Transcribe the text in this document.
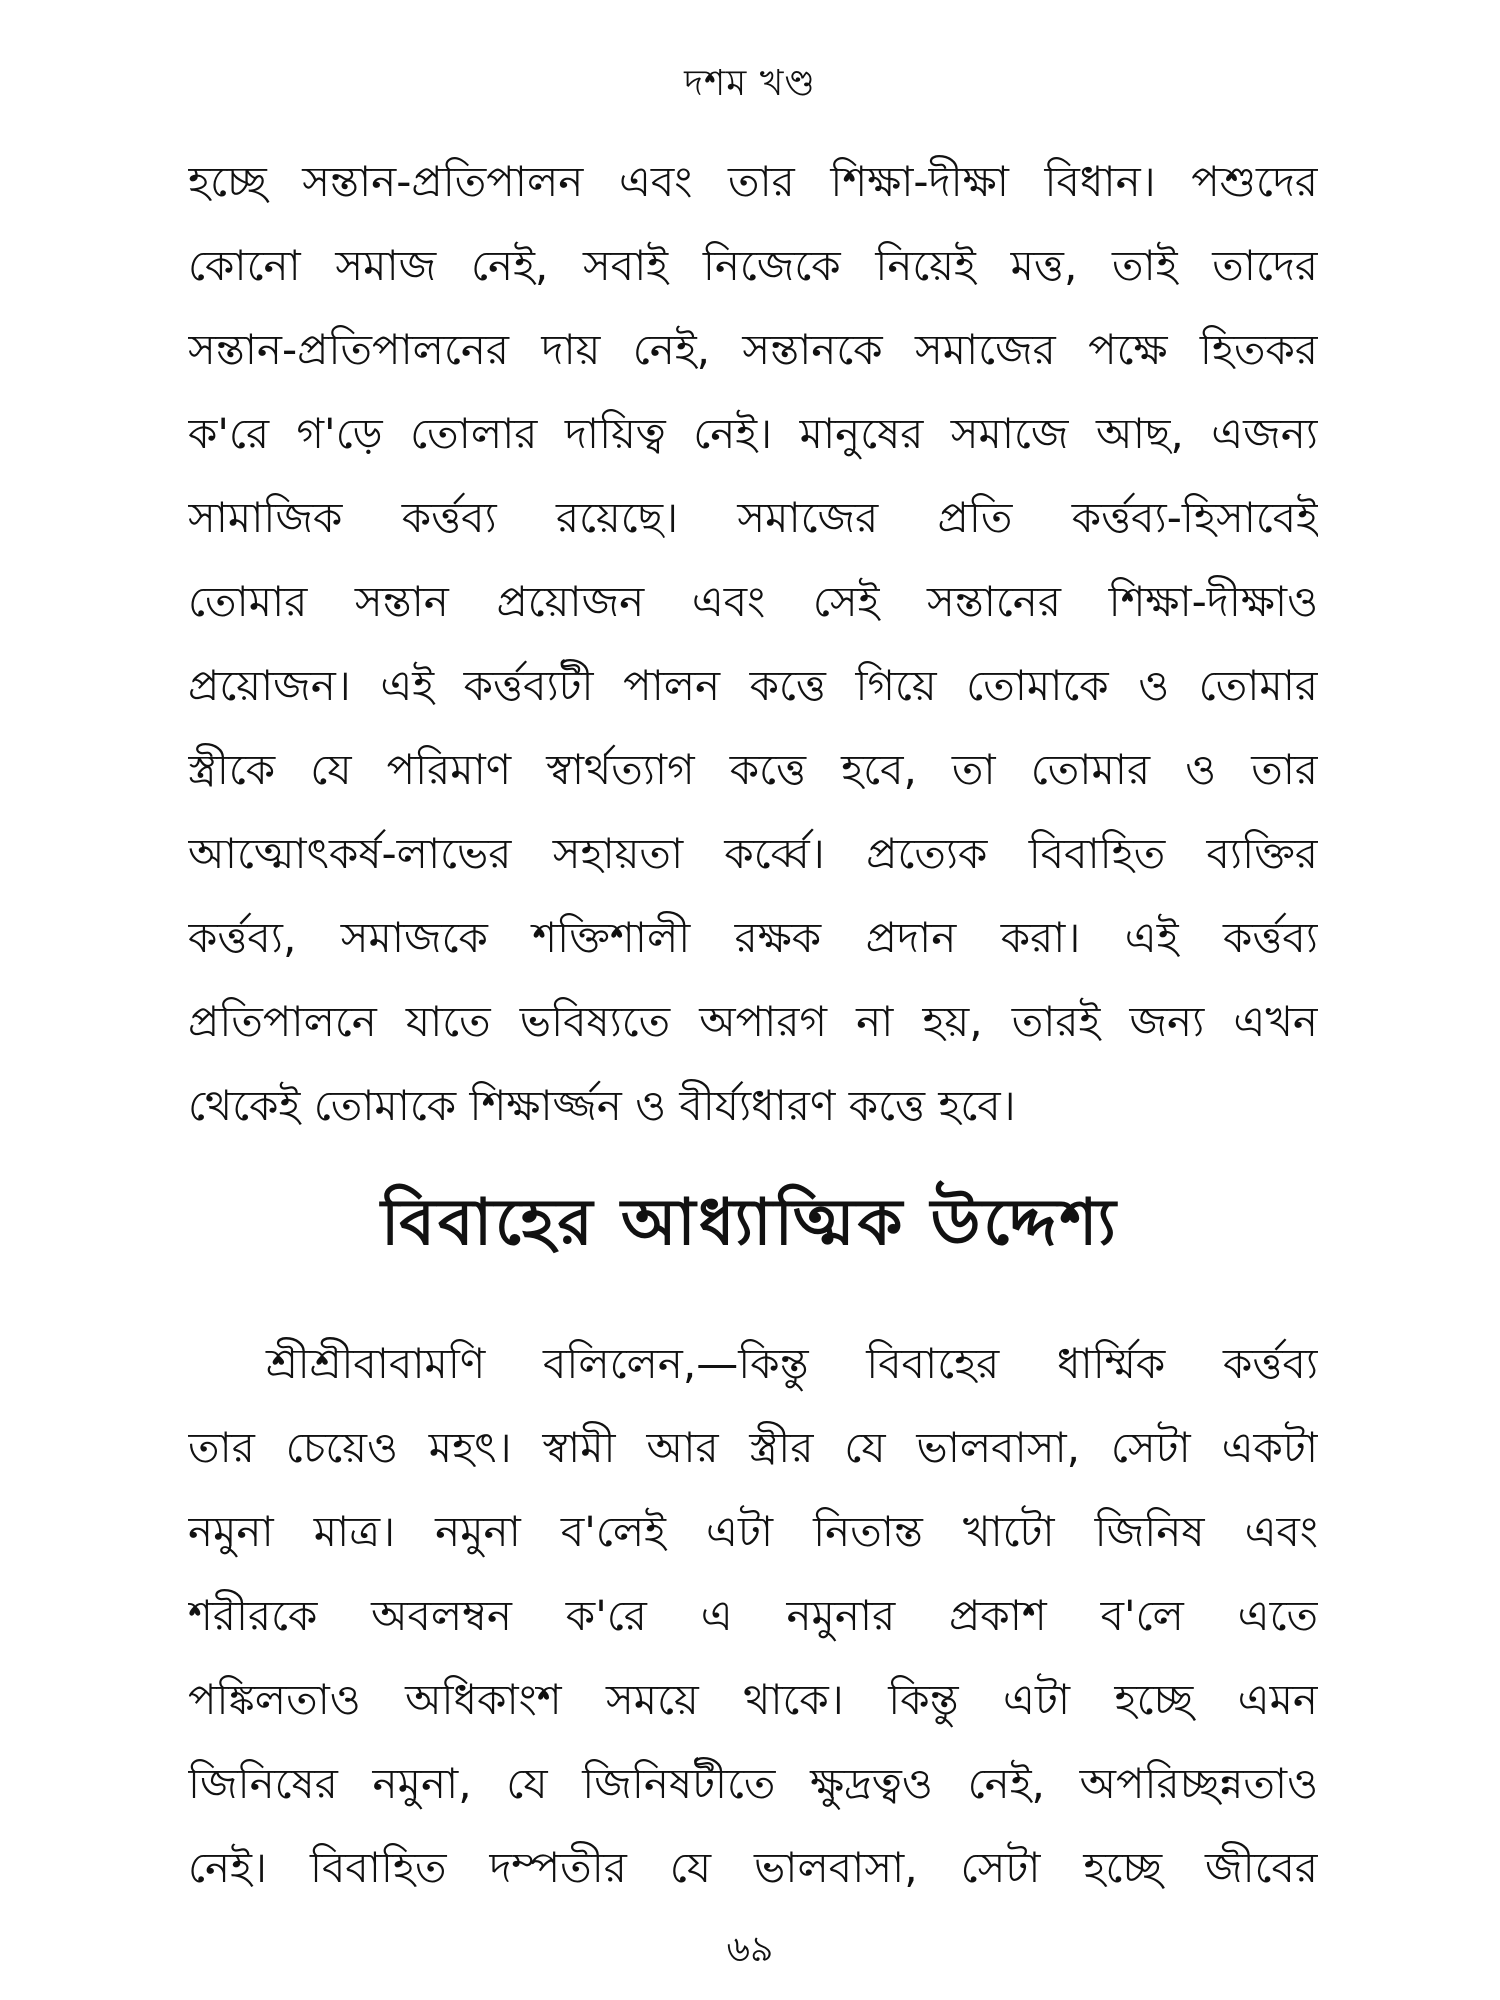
দশম খণ্ড
হচ্ছে সন্তান-প্রতিপালন এবং তার শিক্ষা-দীক্ষা বিধান। পশুদের
কোনো সমাজ নেই, সবাই নিজেকে নিয়েই মত্ত, তাই তাদের
সন্তান-প্রতিপালনের দায় নেই, সন্তানকে সমাজের পক্ষে হিতকর
ক'রে গ'ড়ে তোলার দায়িত্ব নেই। মানুষের সমাজে আছ, এজন্য
সামাজিক কর্ত্তব্য রয়েছে। সমাজের প্রতি কর্ত্তব্য-হিসাবেই
তোমার সন্তান প্রয়োজন এবং সেই সন্তানের শিক্ষা-দীক্ষাও
প্রয়োজন। এই কর্ত্তব্যটী পালন কত্তে গিয়ে তোমাকে ও তোমার
স্ত্রীকে যে পরিমাণ স্বার্থত্যাগ কত্তে হবে, তা তোমার ও তার
আত্মোৎকর্ষ-লাভের সহায়তা কর্ব্বে। প্রত্যেক বিবাহিত ব্যক্তির
কর্ত্তব্য, সমাজকে শক্তিশালী রক্ষক প্রদান করা। এই কর্ত্তব্য
প্রতিপালনে যাতে ভবিষ্যতে অপারগ না হয়, তারই জন্য এখন
থেকেই তোমাকে শিক্ষার্জ্জন ও বীর্য্যধারণ কত্তে হবে।
বিবাহের আধ্যাত্মিক উদ্দেশ্য
শ্রীশ্রীবাবামণি বলিলেন,—কিন্তু বিবাহের ধার্ম্মিক কর্ত্তব্য
তার চেয়েও মহৎ। স্বামী আর স্ত্রীর যে ভালবাসা, সেটা একটা
নমুনা মাত্র। নমুনা ব'লেই এটা নিতান্ত খাটো জিনিষ এবং
শরীরকে অবলম্বন ক'রে এ নমুনার প্রকাশ ব'লে এতে
পঙ্কিলতাও অধিকাংশ সময়ে থাকে। কিন্তু এটা হচ্ছে এমন
জিনিষের নমুনা, যে জিনিষটীতে ক্ষুদ্রত্বও নেই, অপরিচ্ছন্নতাও
নেই। বিবাহিত দম্পতীর যে ভালবাসা, সেটা হচ্ছে জীবের
৬৯
